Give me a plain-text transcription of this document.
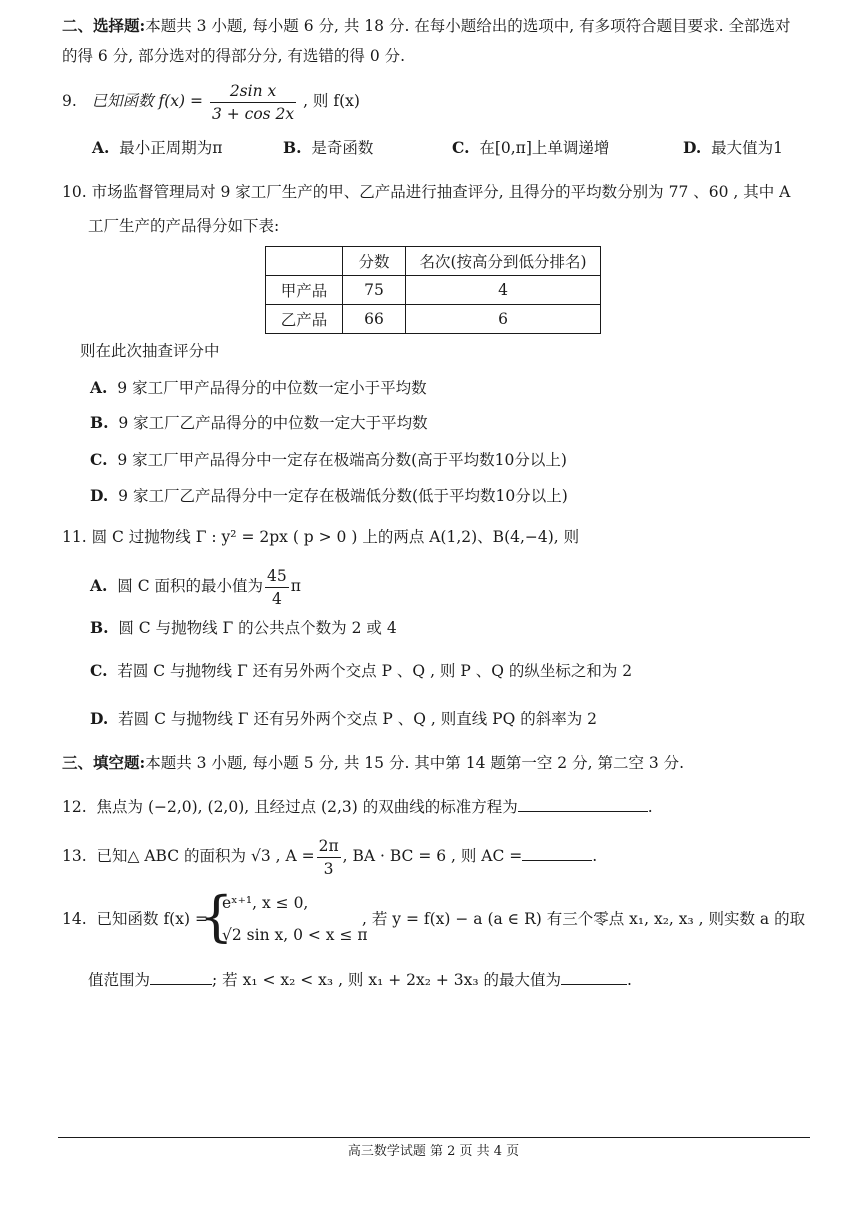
二、选择题:本题共 3 小题, 每小题 6 分, 共 18 分. 在每小题给出的选项中, 有多项符合题目要求. 全部选对
的得 6 分, 部分选对的得部分分, 有选错的得 0 分.
9. 已知函数 $f(x) = \frac{\text{2sin x}}{3 + \cos 2x}$ , 则 f(x)
A. 最小正周期为π	B. 是奇函数	C. 在[0,π]上单调递增	D. 最大值为1
10. 市场监督管理局对 9 家工厂生产的甲、乙产品进行抽查评分, 且得分的平均数分别为 77 、60 , 其中 A
工厂生产的产品得分如下表:
	分数	名次(按高分到低分排名)
甲产品	75	4
乙产品	66	6
则在此次抽查评分中
A. 9 家工厂甲产品得分的中位数一定小于平均数
B. 9 家工厂乙产品得分的中位数一定大于平均数
C. 9 家工厂甲产品得分中一定存在极端高分数(高于平均数10分以上)
D. 9 家工厂乙产品得分中一定存在极端低分数(低于平均数10分以上)
11. 圆 C 过抛物线 Γ : y² = 2px ( p > 0 ) 上的两点 A(1,2)、B(4,−4), 则
A. 圆 C 面积的最小值为 $\frac{45}{4}$ π
B. 圆 C 与抛物线 Γ 的公共点个数为 2 或 4
C. 若圆 C 与抛物线 Γ 还有另外两个交点 P 、Q , 则 P 、Q 的纵坐标之和为 2
D. 若圆 C 与抛物线 Γ 还有另外两个交点 P 、Q , 则直线 PQ 的斜率为 2
三、填空题:本题共 3 小题, 每小题 5 分, 共 15 分. 其中第 14 题第一空 2 分, 第二空 3 分.
12. 焦点为 (−2,0), (2,0), 且经过点 (2,3) 的双曲线的标准方程为	.
13. 已知△ ABC 的面积为 √3 , $A = \frac{2\pi}{3}$ , BA · BC = 6 , 则 AC =	.
14. 已知函数 f(x) =
{
eˣ⁺¹, x ≤ 0,
√2 sin x, 0 < x ≤ π
, 若 y = f(x) − a (a ∈ R) 有三个零点 x₁, x₂, x₃ , 则实数 a 的取
值范围为	; 若 x₁ < x₂ < x₃ , 则 x₁ + 2x₂ + 3x₃ 的最大值为	.
高三数学试题 第 2 页 共 4 页
